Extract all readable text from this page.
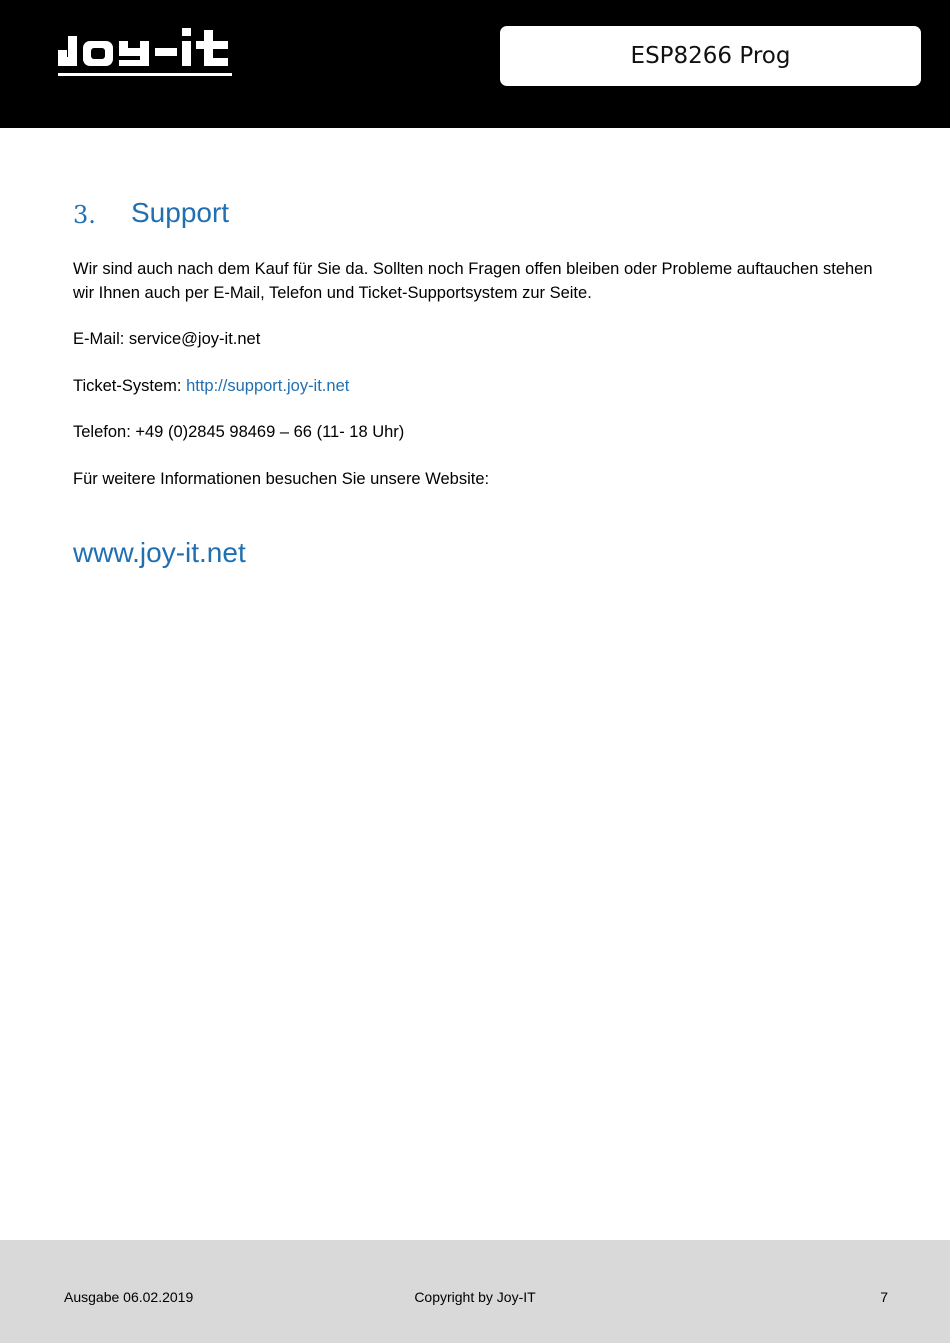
ESP8266 Prog
3. Support
Wir sind auch nach dem Kauf für Sie da. Sollten noch Fragen offen bleiben oder Probleme auftauchen stehen wir Ihnen auch per E-Mail, Telefon und Ticket-Supportsystem zur Seite.
E-Mail: service@joy-it.net
Ticket-System: http://support.joy-it.net
Telefon: +49 (0)2845 98469 – 66 (11- 18 Uhr)
Für weitere Informationen besuchen Sie unsere Website:
www.joy-it.net
Ausgabe 06.02.2019	Copyright by Joy-IT	7
